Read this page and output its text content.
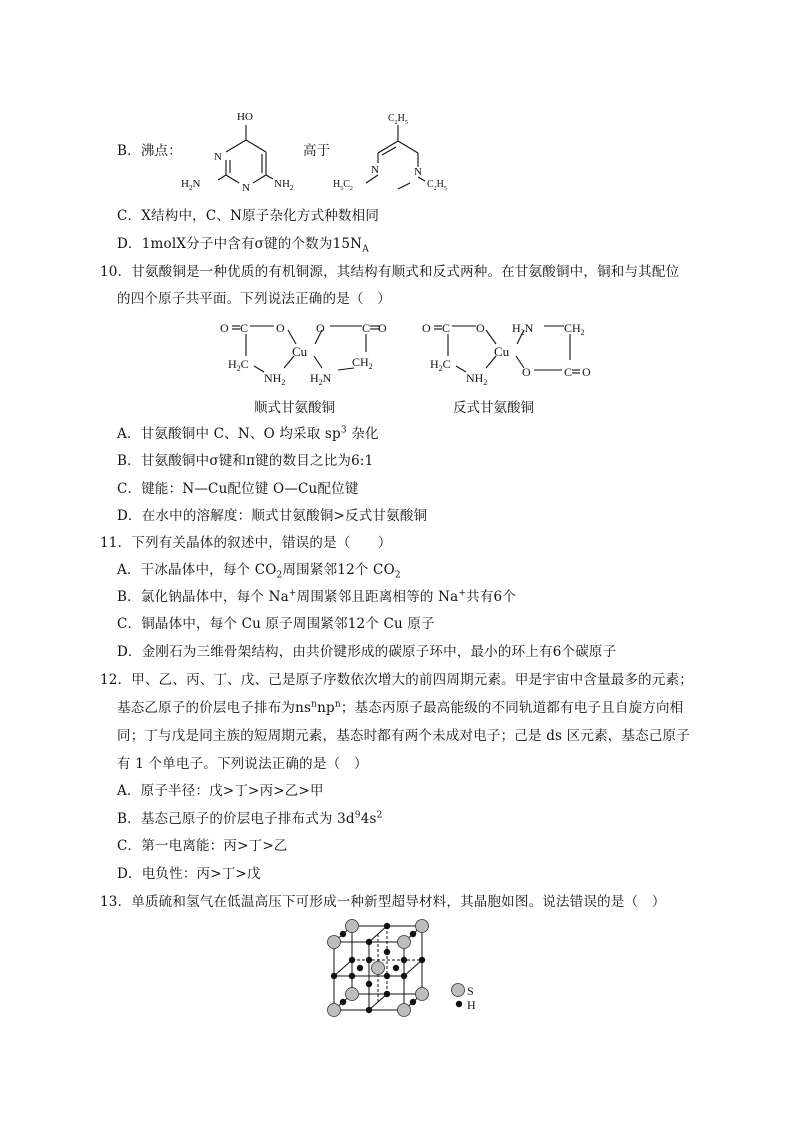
B．沸点：
HO
N
N $NH_2$
$H_2N$
高于
$C_2H_5$
N	N
$H_5C_2$	$C_2H_5$
C．X结构中，C、N原子杂化方式种数相同
D．1molX分子中含有σ键的个数为$15N_A$
10．甘氨酸铜是一种优质的有机铜源，其结构有顺式和反式两种。在甘氨酸铜中，铜和与其配位
的四个原子共平面。下列说法正确的是（　）
O C O
Cu
O	C O
$H_2C$
$NH_2$ $H_2N$
$CH_2$
O C O
Cu
$H_2N$	$CH_2$
$H_2C$
$NH_2$
O	C O
顺式甘氨酸铜	反式甘氨酸铜
A．甘氨酸铜中 C、N、O 均采取 $sp^3$ 杂化
B．甘氨酸铜中σ键和π键的数目之比为6:1
C．键能：N—Cu配位键 O—Cu配位键
D．在水中的溶解度：顺式甘氨酸铜>反式甘氨酸铜
11．下列有关晶体的叙述中，错误的是（　　）
A．干冰晶体中，每个 $CO_2$周围紧邻12个 $CO_2$
B．氯化钠晶体中，每个 Na+周围紧邻且距离相等的 Na+共有6个
C．铜晶体中，每个 Cu 原子周围紧邻12个 Cu 原子
D．金刚石为三维骨架结构，由共价键形成的碳原子环中，最小的环上有6个碳原子
12．甲、乙、丙、丁、戊、己是原子序数依次增大的前四周期元素。甲是宇宙中含量最多的元素；
基态乙原子的价层电子排布为$ns^nnp^n$；基态丙原子最高能级的不同轨道都有电子且自旋方向相
同；丁与戊是同主族的短周期元素，基态时都有两个未成对电子；己是 ds 区元素，基态己原子
有 1 个单电子。下列说法正确的是（　）
A．原子半径：戊>丁>丙>乙>甲
B．基态己原子的价层电子排布式为 $3d^94s^2$
C．第一电离能：丙>丁>乙
D．电负性：丙>丁>戊
13．单质硫和氢气在低温高压下可形成一种新型超导材料，其晶胞如图。说法错误的是（　）
S
H
